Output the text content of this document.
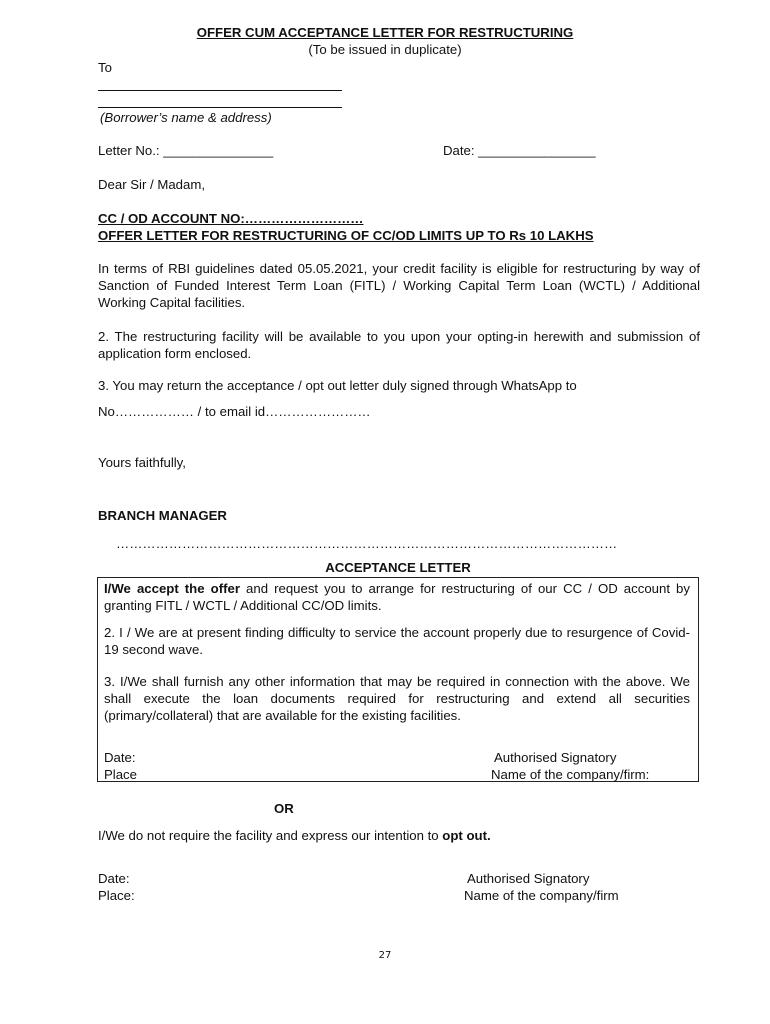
OFFER CUM ACCEPTANCE LETTER FOR RESTRUCTURING
(To be issued in duplicate)
To
(Borrower’s name & address)
Letter No.: _______________	Date: ________________
Dear Sir / Madam,
CC / OD ACCOUNT NO:………………………
OFFER LETTER FOR RESTRUCTURING OF CC/OD LIMITS UP TO Rs 10 LAKHS
In terms of RBI guidelines dated 05.05.2021, your credit facility is eligible for restructuring by way of Sanction of Funded Interest Term Loan (FITL) / Working Capital Term Loan (WCTL) / Additional Working Capital facilities.
2. The restructuring facility will be available to you upon your opting-in herewith and submission of application form enclosed.
3. You may return the acceptance / opt out letter duly signed through WhatsApp to
No……………… / to email id……………………
Yours faithfully,
BRANCH MANAGER
……………………………………………………………………………………………………
ACCEPTANCE LETTER
I/We accept the offer and request you to arrange for restructuring of our CC / OD account by granting FITL / WCTL / Additional CC/OD limits.
2. I / We are at present finding difficulty to service the account properly due to resurgence of Covid-19 second wave.
3. I/We shall furnish any other information that may be required in connection with the above. We shall execute the loan documents required for restructuring and extend all securities (primary/collateral) that are available for the existing facilities.
Date:
Place
Authorised Signatory
Name of the company/firm:
OR
I/We do not require the facility and express our intention to opt out.
Date:
Place:
Authorised Signatory
Name of the company/firm
27
